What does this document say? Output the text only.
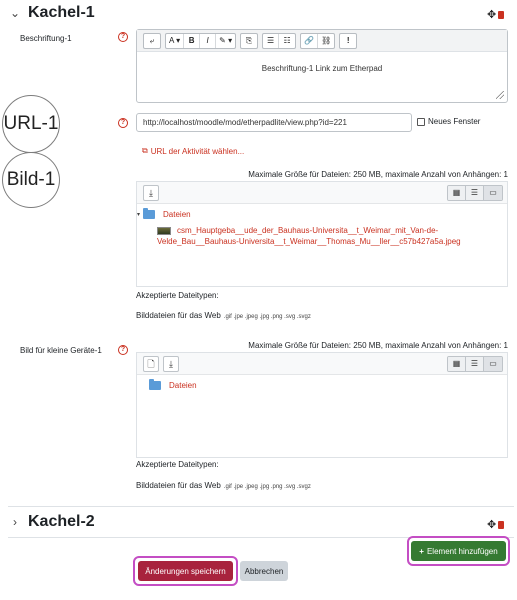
⌄ Kachel-1	✥
Beschriftung-1	?	⤶	A ▾	B	I	✎ ▾	⎘	☰	☷	🔗 ⛓	!
Beschriftung-1 Link zum Etherpad
URL-1	?	http://localhost/moodle/mod/etherpadlite/view.php?id=221	Neues Fenster
⧉ URL der Aktivität wählen...
Bild-1	Maximale Größe für Dateien: 250 MB, maximale Anzahl von Anhängen: 1
⤓	▦	☰	▭
▾	Dateien
csm_Hauptgeba__ude_der_Bauhaus-Universita__t_Weimar_mit_Van-de-
Velde_Bau__Bauhaus-Universita__t_Weimar__Thomas_Mu__ller__c57b427a5a.jpeg
Akzeptierte Dateitypen:
Bilddateien für das Web .gif .jpe .jpeg .jpg .png .svg .svgz
Bild für kleine Geräte-1	?	Maximale Größe für Dateien: 250 MB, maximale Anzahl von Anhängen: 1
🗋	⤓	▦	☰	▭
Dateien
Akzeptierte Dateitypen:
Bilddateien für das Web .gif .jpe .jpeg .jpg .png .svg .svgz
› Kachel-2	✥
+ Element hinzufügen
Änderungen speichern	Abbrechen
